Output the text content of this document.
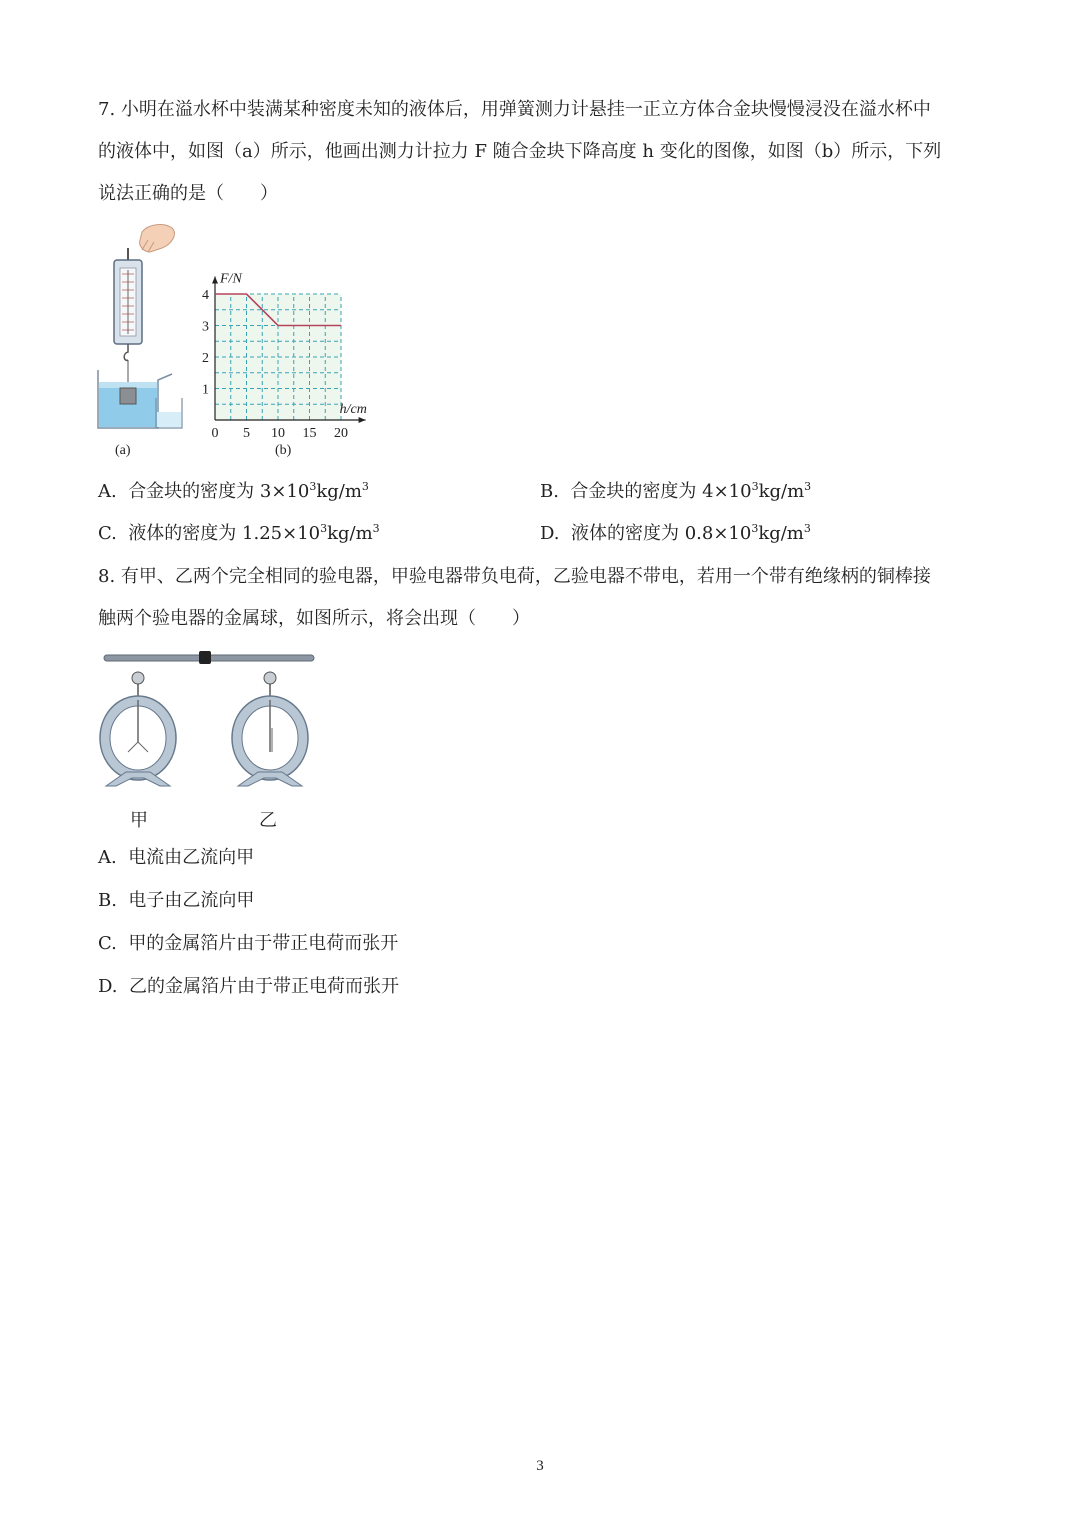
7. 小明在溢水杯中装满某种密度未知的液体后，用弹簧测力计悬挂一正立方体合金块慢慢浸没在溢水杯中
的液体中，如图（a）所示，他画出测力计拉力 F 随合金块下降高度 h 变化的图像，如图（b）所示，下列
说法正确的是（　　）
(a)
0 5 10 15 20
1
2
3
4
F/N
h/cm
(b)
A. 合金块的密度为 $3\times 10^3kg/m^3$	B. 合金块的密度为 $4\times 10^3kg/m^3$
C. 液体的密度为 $1.25\times 10^3kg/m^3$	D. 液体的密度为 $0.8\times 10^3kg/m^3$
8. 有甲、乙两个完全相同的验电器，甲验电器带负电荷，乙验电器不带电，若用一个带有绝缘柄的铜棒接
触两个验电器的金属球，如图所示，将会出现（　　）
甲	乙
A. 电流由乙流向甲
B. 电子由乙流向甲
C. 甲的金属箔片由于带正电荷而张开
D. 乙的金属箔片由于带正电荷而张开
3
